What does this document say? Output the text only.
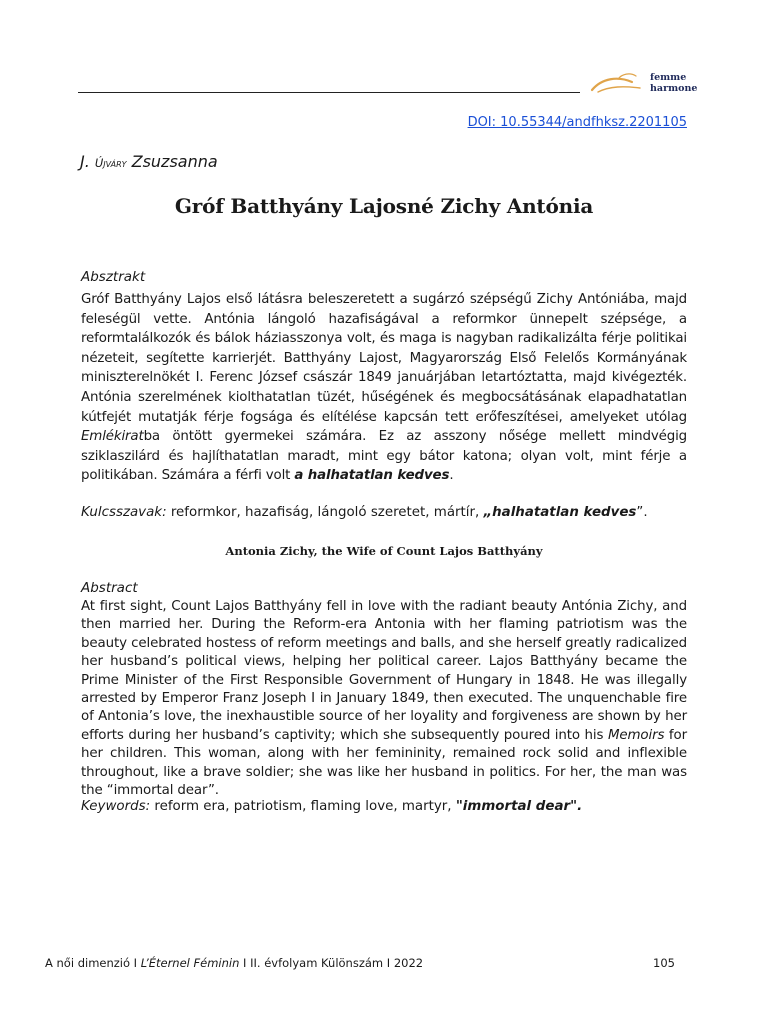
femme
harmone
DOI: 10.55344/andfhksz.2201105
J. Újváry Zsuzsanna
Gróf Batthyány Lajosné Zichy Antónia
Absztrakt
Gróf Batthyány Lajos első látásra beleszeretett a sugárzó szépségű Zichy Antóniába, majd feleségül vette. Antónia lángoló hazafiságával a reformkor ünnepelt szépsége, a reformtalálkozók és bálok háziasszonya volt, és maga is nagyban radikalizálta férje politikai nézeteit, segítette karrierjét. Batthyány Lajost, Magyarország Első Felelős Kormányának miniszterelnökét I. Ferenc József császár 1849 januárjában letartóztatta, majd kivégezték. Antónia szerelmének kiolthatatlan tüzét, hűségének és megbocsátásának elapadhatatlan kútfejét mutatják férje fogsága és elítélése kapcsán tett erőfeszítései, amelyeket utólag Emlékiratba öntött gyermekei számára. Ez az asszony nősége mellett mindvégig sziklaszilárd és hajlíthatatlan maradt, mint egy bátor katona; olyan volt, mint férje a politikában. Számára a férfi volt a halhatatlan kedves.
Kulcsszavak: reformkor, hazafiság, lángoló szeretet, mártír, „halhatatlan kedves”.
Antonia Zichy, the Wife of Count Lajos Batthyány
Abstract
At first sight, Count Lajos Batthyány fell in love with the radiant beauty Antónia Zichy, and then married her. During the Reform-era Antonia with her flaming patriotism was the beauty celebrated hostess of reform meetings and balls, and she herself greatly radicalized her husband’s political views, helping her political career. Lajos Batthyány became the Prime Minister of the First Responsible Government of Hungary in 1848. He was illegally arrested by Emperor Franz Joseph I in January 1849, then executed. The unquenchable fire of Antonia’s love, the inexhaustible source of her loyality and forgiveness are shown by her efforts during her husband’s captivity; which she subsequently poured into his Memoirs for her children. This woman, along with her femininity, remained rock solid and inflexible throughout, like a brave soldier; she was like her husband in politics. For her, the man was the “immortal dear”.
Keywords: reform era, patriotism, flaming love, martyr, "immortal dear".
A női dimenzió I L’Éternel Féminin I II. évfolyam Különszám I 2022	105
